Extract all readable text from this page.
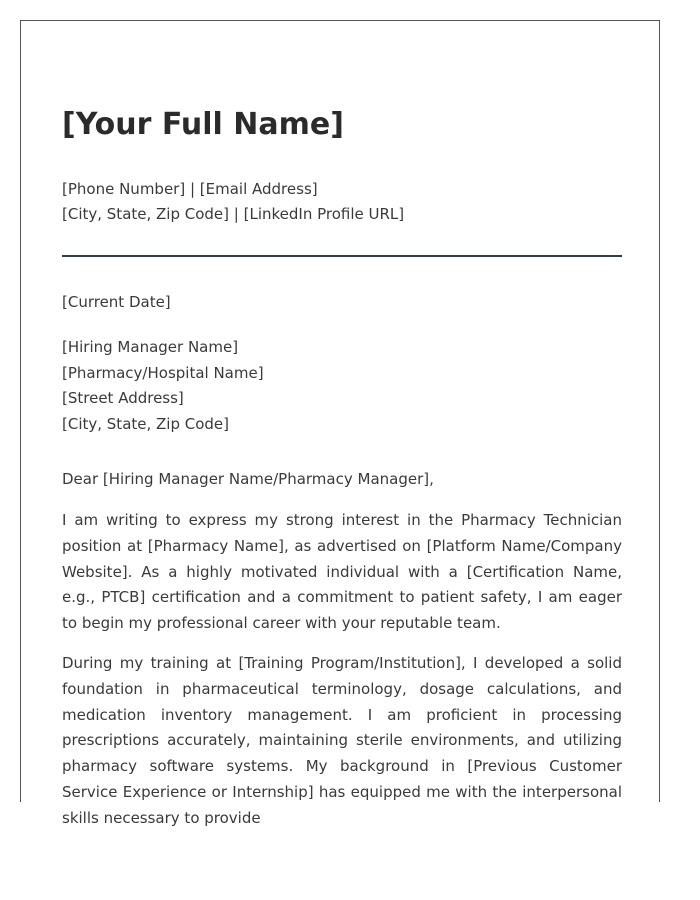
[Your Full Name]
[Phone Number] | [Email Address]
[City, State, Zip Code] | [LinkedIn Profile URL]
[Current Date]
[Hiring Manager Name]
[Pharmacy/Hospital Name]
[Street Address]
[City, State, Zip Code]
Dear [Hiring Manager Name/Pharmacy Manager],

I am writing to express my strong interest in the Pharmacy Technician position at [Pharmacy Name], as advertised on [Platform Name/Company Website]. As a highly motivated individual with a [Certification Name, e.g., PTCB] certification and a commitment to patient safety, I am eager to begin my professional career with your reputable team.

During my training at [Training Program/Institution], I developed a solid foundation in pharmaceutical terminology, dosage calculations, and medication inventory management. I am proficient in processing prescriptions accurately, maintaining sterile environments, and utilizing pharmacy software systems. My background in [Previous Customer Service Experience or Internship] has equipped me with the interpersonal skills necessary to provide
